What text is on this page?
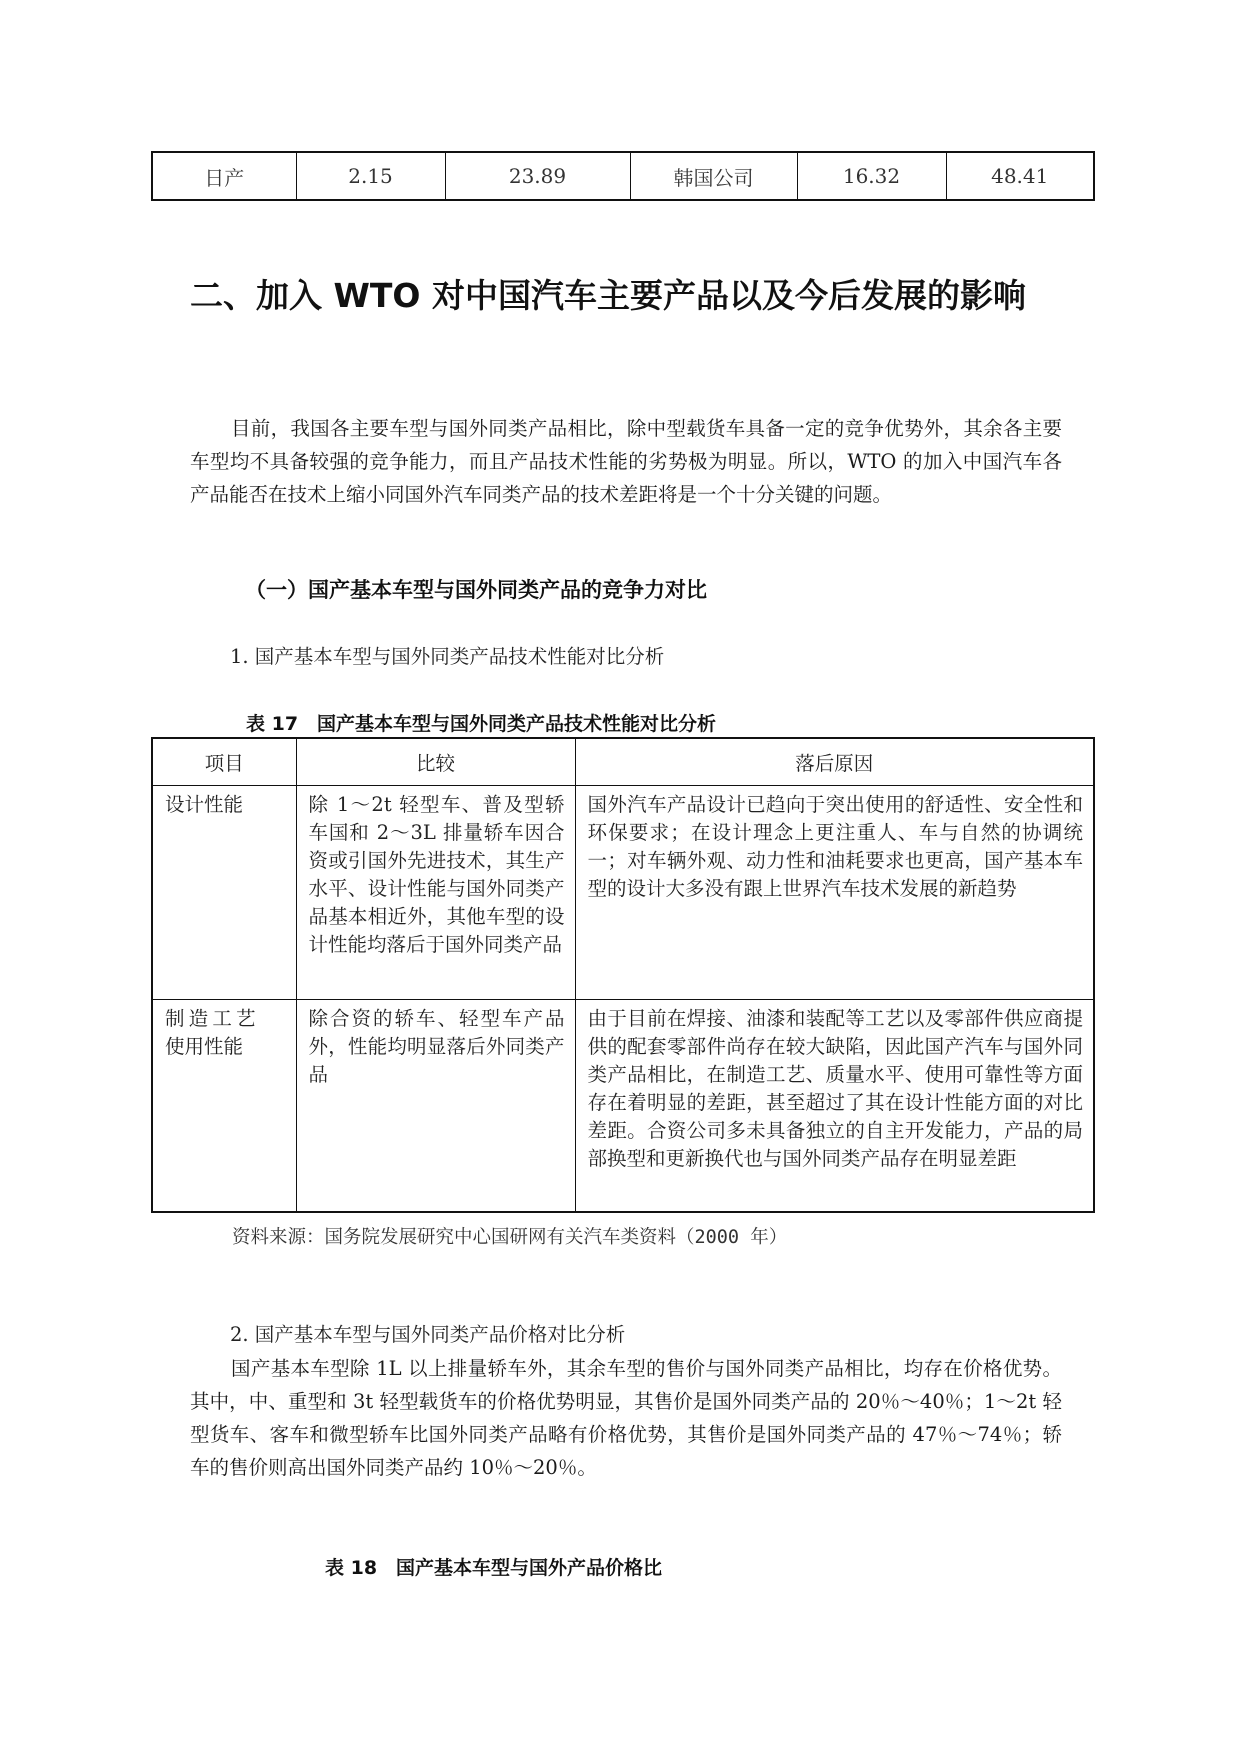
日产	2.15	23.89	韩国公司	16.32	48.41
二、加入 WTO 对中国汽车主要产品以及今后发展的影响
目前，我国各主要车型与国外同类产品相比，除中型载货车具备一定的竞争优势外，其余各主要车型均不具备较强的竞争能力，而且产品技术性能的劣势极为明显。所以，WTO 的加入中国汽车各产品能否在技术上缩小同国外汽车同类产品的技术差距将是一个十分关键的问题。
（一）国产基本车型与国外同类产品的竞争力对比
1. 国产基本车型与国外同类产品技术性能对比分析
表 17　国产基本车型与国外同类产品技术性能对比分析
项目	比较	落后原因
设计性能	除 1～2t 轻型车、普及型轿车国和 2～3L 排量轿车因合资或引国外先进技术，其生产水平、设计性能与国外同类产品基本相近外，其他车型的设计性能均落后于国外同类产品	国外汽车产品设计已趋向于突出使用的舒适性、安全性和环保要求；在设计理念上更注重人、车与自然的协调统一；对车辆外观、动力性和油耗要求也更高，国产基本车型的设计大多没有跟上世界汽车技术发展的新趋势
制造工艺使用性能	除合资的轿车、轻型车产品外，性能均明显落后外同类产品	由于目前在焊接、油漆和装配等工艺以及零部件供应商提供的配套零部件尚存在较大缺陷，因此国产汽车与国外同类产品相比，在制造工艺、质量水平、使用可靠性等方面存在着明显的差距，甚至超过了其在设计性能方面的对比差距。合资公司多未具备独立的自主开发能力，产品的局部换型和更新换代也与国外同类产品存在明显差距
资料来源：国务院发展研究中心国研网有关汽车类资料（2000 年）
2. 国产基本车型与国外同类产品价格对比分析
国产基本车型除 1L 以上排量轿车外，其余车型的售价与国外同类产品相比，均存在价格优势。其中，中、重型和 3t 轻型载货车的价格优势明显，其售价是国外同类产品的 20％～40％；1～2t 轻型货车、客车和微型轿车比国外同类产品略有价格优势，其售价是国外同类产品的 47％～74％；轿车的售价则高出国外同类产品约 10％～20％。
表 18　国产基本车型与国外产品价格比
